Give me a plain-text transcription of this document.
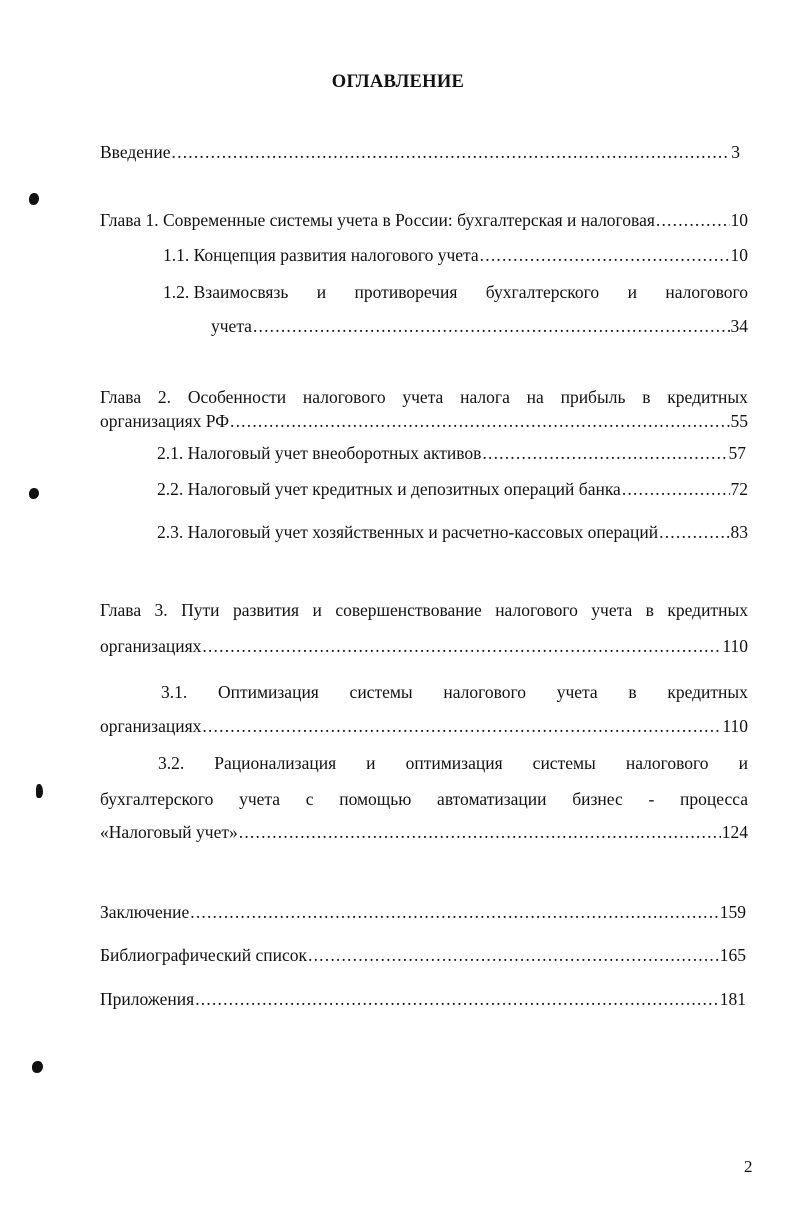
ОГЛАВЛЕНИЕ
Введение .....	3
Глава 1. Современные системы учета в России: бухгалтерская и налоговая .....	10
1.1. Концепция развития налогового учета .....	10
1.2. Взаимосвязь и противоречия бухгалтерского и налогового
учета .....	34
Глава 2. Особенности налогового учета налога на прибыль в кредитных
организациях РФ .....	55
2.1. Налоговый учет внеоборотных активов .....	57
2.2. Налоговый учет кредитных и депозитных операций банка .....	72
2.3. Налоговый учет хозяйственных и расчетно-кассовых операций .....	83
Глава 3. Пути развития и совершенствование налогового учета в кредитных
организациях .....	110
3.1. Оптимизация системы налогового учета в кредитных
организациях .....	110
3.2. Рационализация и оптимизация системы налогового и
бухгалтерского учета с помощью автоматизации бизнес - процесса
«Налоговый учет» .....	124
Заключение .....	159
Библиографический список .....	165
Приложения .....	181
2
